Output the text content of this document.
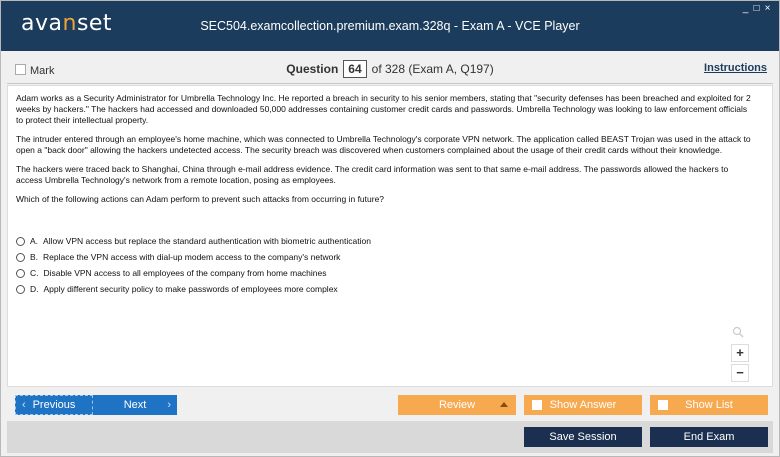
avanset	SEC504.examcollection.premium.exam.328q - Exam A - VCE Player
_ □ ×
Mark	Question 64 of 328 (Exam A, Q197)	Instructions

Adam works as a Security Administrator for Umbrella Technology Inc. He reported a breach in security to his senior members, stating that "security defenses has been breached and exploited for 2 weeks by hackers." The hackers had accessed and downloaded 50,000 addresses containing customer credit cards and passwords. Umbrella Technology was looking to law enforcement officials to protect their intellectual property.

The intruder entered through an employee's home machine, which was connected to Umbrella Technology's corporate VPN network. The application called BEAST Trojan was used in the attack to open a "back door" allowing the hackers undetected access. The security breach was discovered when customers complained about the usage of their credit cards without their knowledge.

The hackers were traced back to Shanghai, China through e-mail address evidence. The credit card information was sent to that same e-mail address. The passwords allowed the hackers to access Umbrella Technology's network from a remote location, posing as employees.

Which of the following actions can Adam perform to prevent such attacks from occurring in future?

A. Allow VPN access but replace the standard authentication with biometric authentication
B. Replace the VPN access with dial-up modem access to the company's network
C. Disable VPN access to all employees of the company from home machines
D. Apply different security policy to make passwords of employees more complex
+
−
‹ Previous	Next ›	Review	Show Answer	Show List
Save Session	End Exam
